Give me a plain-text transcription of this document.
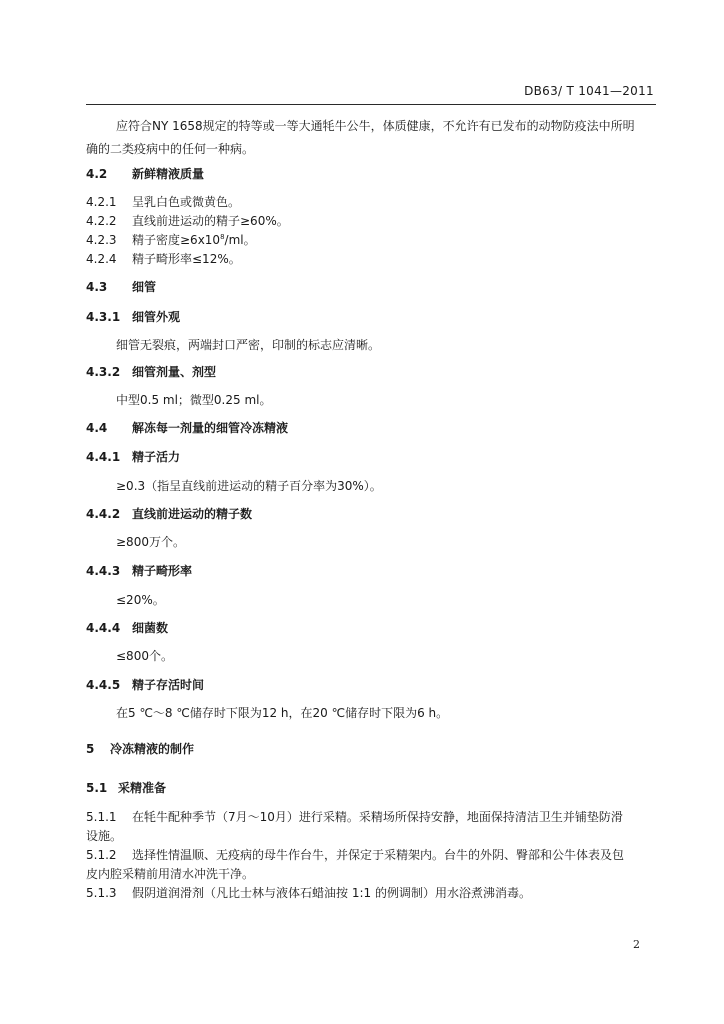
DB63/ T 1041—2011
应符合NY 1658规定的特等或一等大通牦牛公牛，体质健康，不允许有已发布的动物防疫法中所明
确的二类疫病中的任何一种病。
4.2 新鲜精液质量
4.2.1 呈乳白色或微黄色。
4.2.2 直线前进运动的精子≥60%。
4.2.3 精子密度$\ge 6x10^8/ml$。
4.2.4 精子畸形率≤12%。
4.3 细管
4.3.1 细管外观
细管无裂痕，两端封口严密，印制的标志应清晰。
4.3.2 细管剂量、剂型
中型0.5 ml；微型0.25 ml。
4.4 解冻每一剂量的细管冷冻精液
4.4.1 精子活力
≥0.3（指呈直线前进运动的精子百分率为30%）。
4.4.2 直线前进运动的精子数
≥800万个。
4.4.3 精子畸形率
≤20%。
4.4.4 细菌数
≤800个。
4.4.5 精子存活时间
在5 ℃～8 ℃储存时下限为12 h，在20 ℃储存时下限为6 h。
5 冷冻精液的制作
5.1 采精准备
5.1.1 在牦牛配种季节（7月～10月）进行采精。采精场所保持安静，地面保持清洁卫生并铺垫防滑
设施。
5.1.2 选择性情温顺、无疫病的母牛作台牛，并保定于采精架内。台牛的外阴、臀部和公牛体表及包
皮内腔采精前用清水冲洗干净。
5.1.3 假阴道润滑剂（凡比士林与液体石蜡油按 1:1 的例调制）用水浴煮沸消毒。
2
